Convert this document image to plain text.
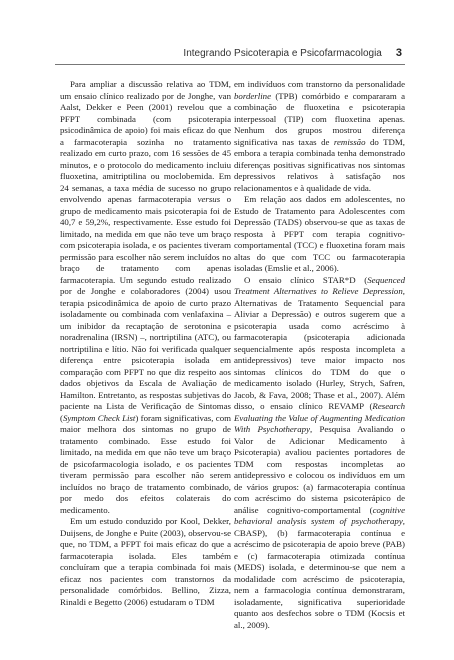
Integrando Psicoterapia e Psicofarmacologia 3

Para ampliar a discussão relativa ao TDM, um ensaio clínico realizado por de Jonghe, van Aalst, Dekker e Peen (2001) revelou que a PFPT combinada (com psicoterapia psicodinâmica de apoio) foi mais eficaz do que a farmacoterapia sozinha no tratamento realizado em curto prazo, com 16 sessões de 45 minutos, e o protocolo do medicamento incluiu fluoxetina, amitriptilina ou moclobemida. Em 24 semanas, a taxa média de sucesso no grupo envolvendo apenas farmacoterapia versus o grupo de medicamento mais psicoterapia foi de 40,7 e 59,2%, respectivamente. Esse estudo foi limitado, na medida em que não teve um braço com psicoterapia isolada, e os pacientes tiveram permissão para escolher não serem incluídos no braço de tratamento com apenas farmacoterapia. Um segundo estudo realizado por de Jonghe e colaboradores (2004) usou terapia psicodinâmica de apoio de curto prazo isoladamente ou combinada com venlafaxina – um inibidor da recaptação de serotonina e noradrenalina (IRSN) –, nortriptilina (ATC), ou nortriptilina e lítio. Não foi verificada qualquer diferença entre psicoterapia isolada em comparação com PFPT no que diz respeito aos dados objetivos da Escala de Avaliação de Hamilton. Entretanto, as respostas subjetivas do paciente na Lista de Verificação de Sintomas (Symptom Check List) foram significativas, com maior melhora dos sintomas no grupo de tratamento combinado. Esse estudo foi limitado, na medida em que não teve um braço de psicofarmacologia isolado, e os pacientes tiveram permissão para escolher não serem incluídos no braço de tratamento combinado, por medo dos efeitos colaterais do medicamento.

Em um estudo conduzido por Kool, Dekker, Duijsens, de Jonghe e Puite (2003), observou-se que, no TDM, a PFPT foi mais eficaz do que a farmacoterapia isolada. Eles também concluíram que a terapia combinada foi mais eficaz nos pacientes com transtornos da personalidade comórbidos. Bellino, Zizza, Rinaldi e Begetto (2006) estudaram o TDM

em indivíduos com transtorno da personalidade borderline (TPB) comórbido e compararam a combinação de fluoxetina e psicoterapia interpessoal (TIP) com fluoxetina apenas. Nenhum dos grupos mostrou diferença significativa nas taxas de remissão do TDM, embora a terapia combinada tenha demonstrado diferenças positivas significativas nos sintomas depressivos relativos à satisfação nos relacionamentos e à qualidade de vida.

Em relação aos dados em adolescentes, no Estudo de Tratamento para Adolescentes com Depressão (TADS) observou-se que as taxas de resposta à PFPT com terapia cognitivo-comportamental (TCC) e fluoxetina foram mais altas do que com TCC ou farmacoterapia isoladas (Emslie et al., 2006).

O ensaio clínico STAR*D (Sequenced Treatment Alternatives to Relieve Depression, Alternativas de Tratamento Sequencial para Aliviar a Depressão) e outros sugerem que a psicoterapia usada como acréscimo à farmacoterapia (psicoterapia adicionada sequencialmente após resposta incompleta a antidepressivos) teve maior impacto nos sintomas clínicos do TDM do que o medicamento isolado (Hurley, Strych, Safren, Jacob, & Fava, 2008; Thase et al., 2007). Além disso, o ensaio clínico REVAMP (Research Evaluating the Value of Augmenting Medication With Psychotherapy, Pesquisa Avaliando o Valor de Adicionar Medicamento à Psicoterapia) avaliou pacientes portadores de TDM com respostas incompletas ao antidepressivo e colocou os indivíduos em um de vários grupos: (a) farmacoterapia contínua com acréscimo do sistema psicoterápico de análise cognitivo-comportamental (cognitive behavioral analysis system of psychotherapy, CBASP), (b) farmacoterapia contínua e acréscimo de psicoterapia de apoio breve (PAB) e (c) farmacoterapia otimizada contínua (MEDS) isolada, e determinou-se que nem a modalidade com acréscimo de psicoterapia, nem a farmacologia contínua demonstraram, isoladamente, significativa superioridade quanto aos desfechos sobre o TDM (Kocsis et al., 2009).
